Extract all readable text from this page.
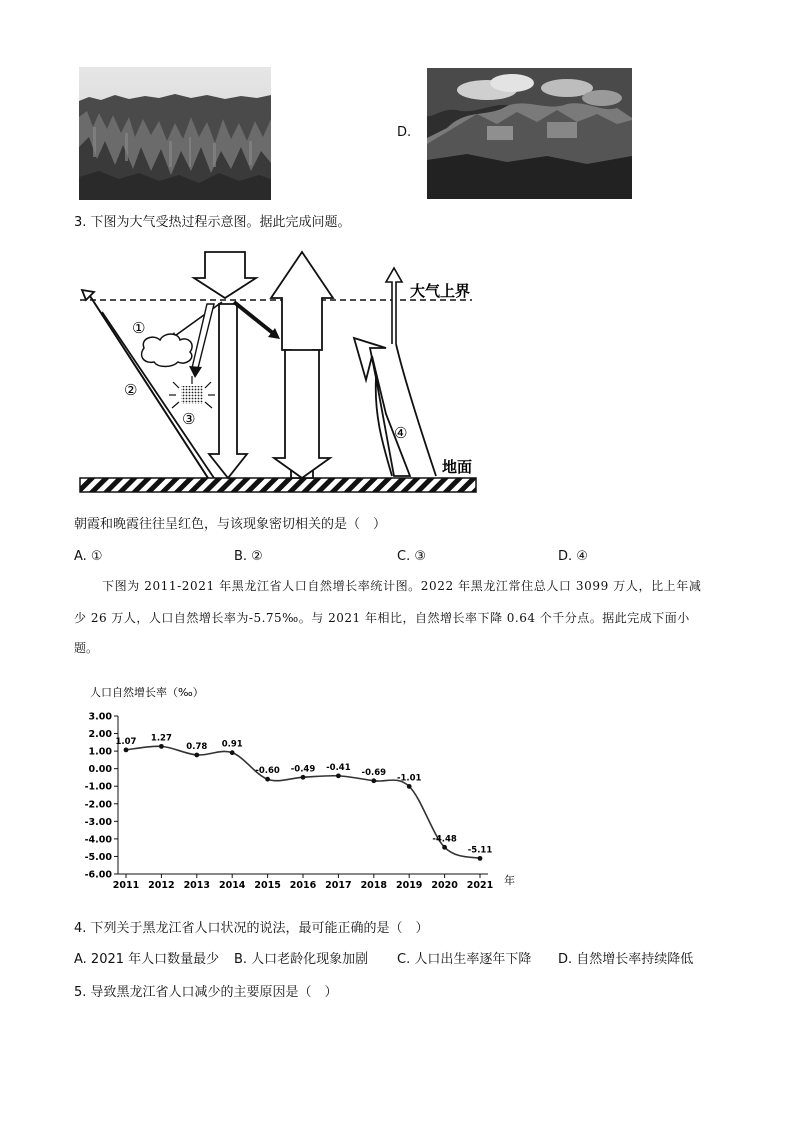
D.
3. 下图为大气受热过程示意图。据此完成问题。
①
②
③
④
大气上界
地面
朝霞和晚霞往往呈红色，与该现象密切相关的是（　）
A. ①	B. ②	C. ③	D. ④
下图为 2011-2021 年黑龙江省人口自然增长率统计图。2022 年黑龙江常住总人口 3099 万人，比上年减
少 26 万人，人口自然增长率为-5.75‰。与 2021 年相比，自然增长率下降 0.64 个千分点。据此完成下面小
题。
人口自然增长率（‰）
3.00
2.00
1.00
0.00
-1.00
-2.00
-3.00
-4.00
-5.00
-6.00
2011 2012 2013 2014 2015 2016 2017 2018 2019 2020 2021
1.07 1.27
0.78 0.91
-0.60 -0.49 -0.41 -0.69
-1.01
-4.48
-5.11
年
4. 下列关于黑龙江省人口状况的说法，最可能正确的是（　）
A. 2021 年人口数量最少 B. 人口老龄化现象加剧 C. 人口出生率逐年下降 D. 自然增长率持续降低
5. 导致黑龙江省人口减少的主要原因是（　）
